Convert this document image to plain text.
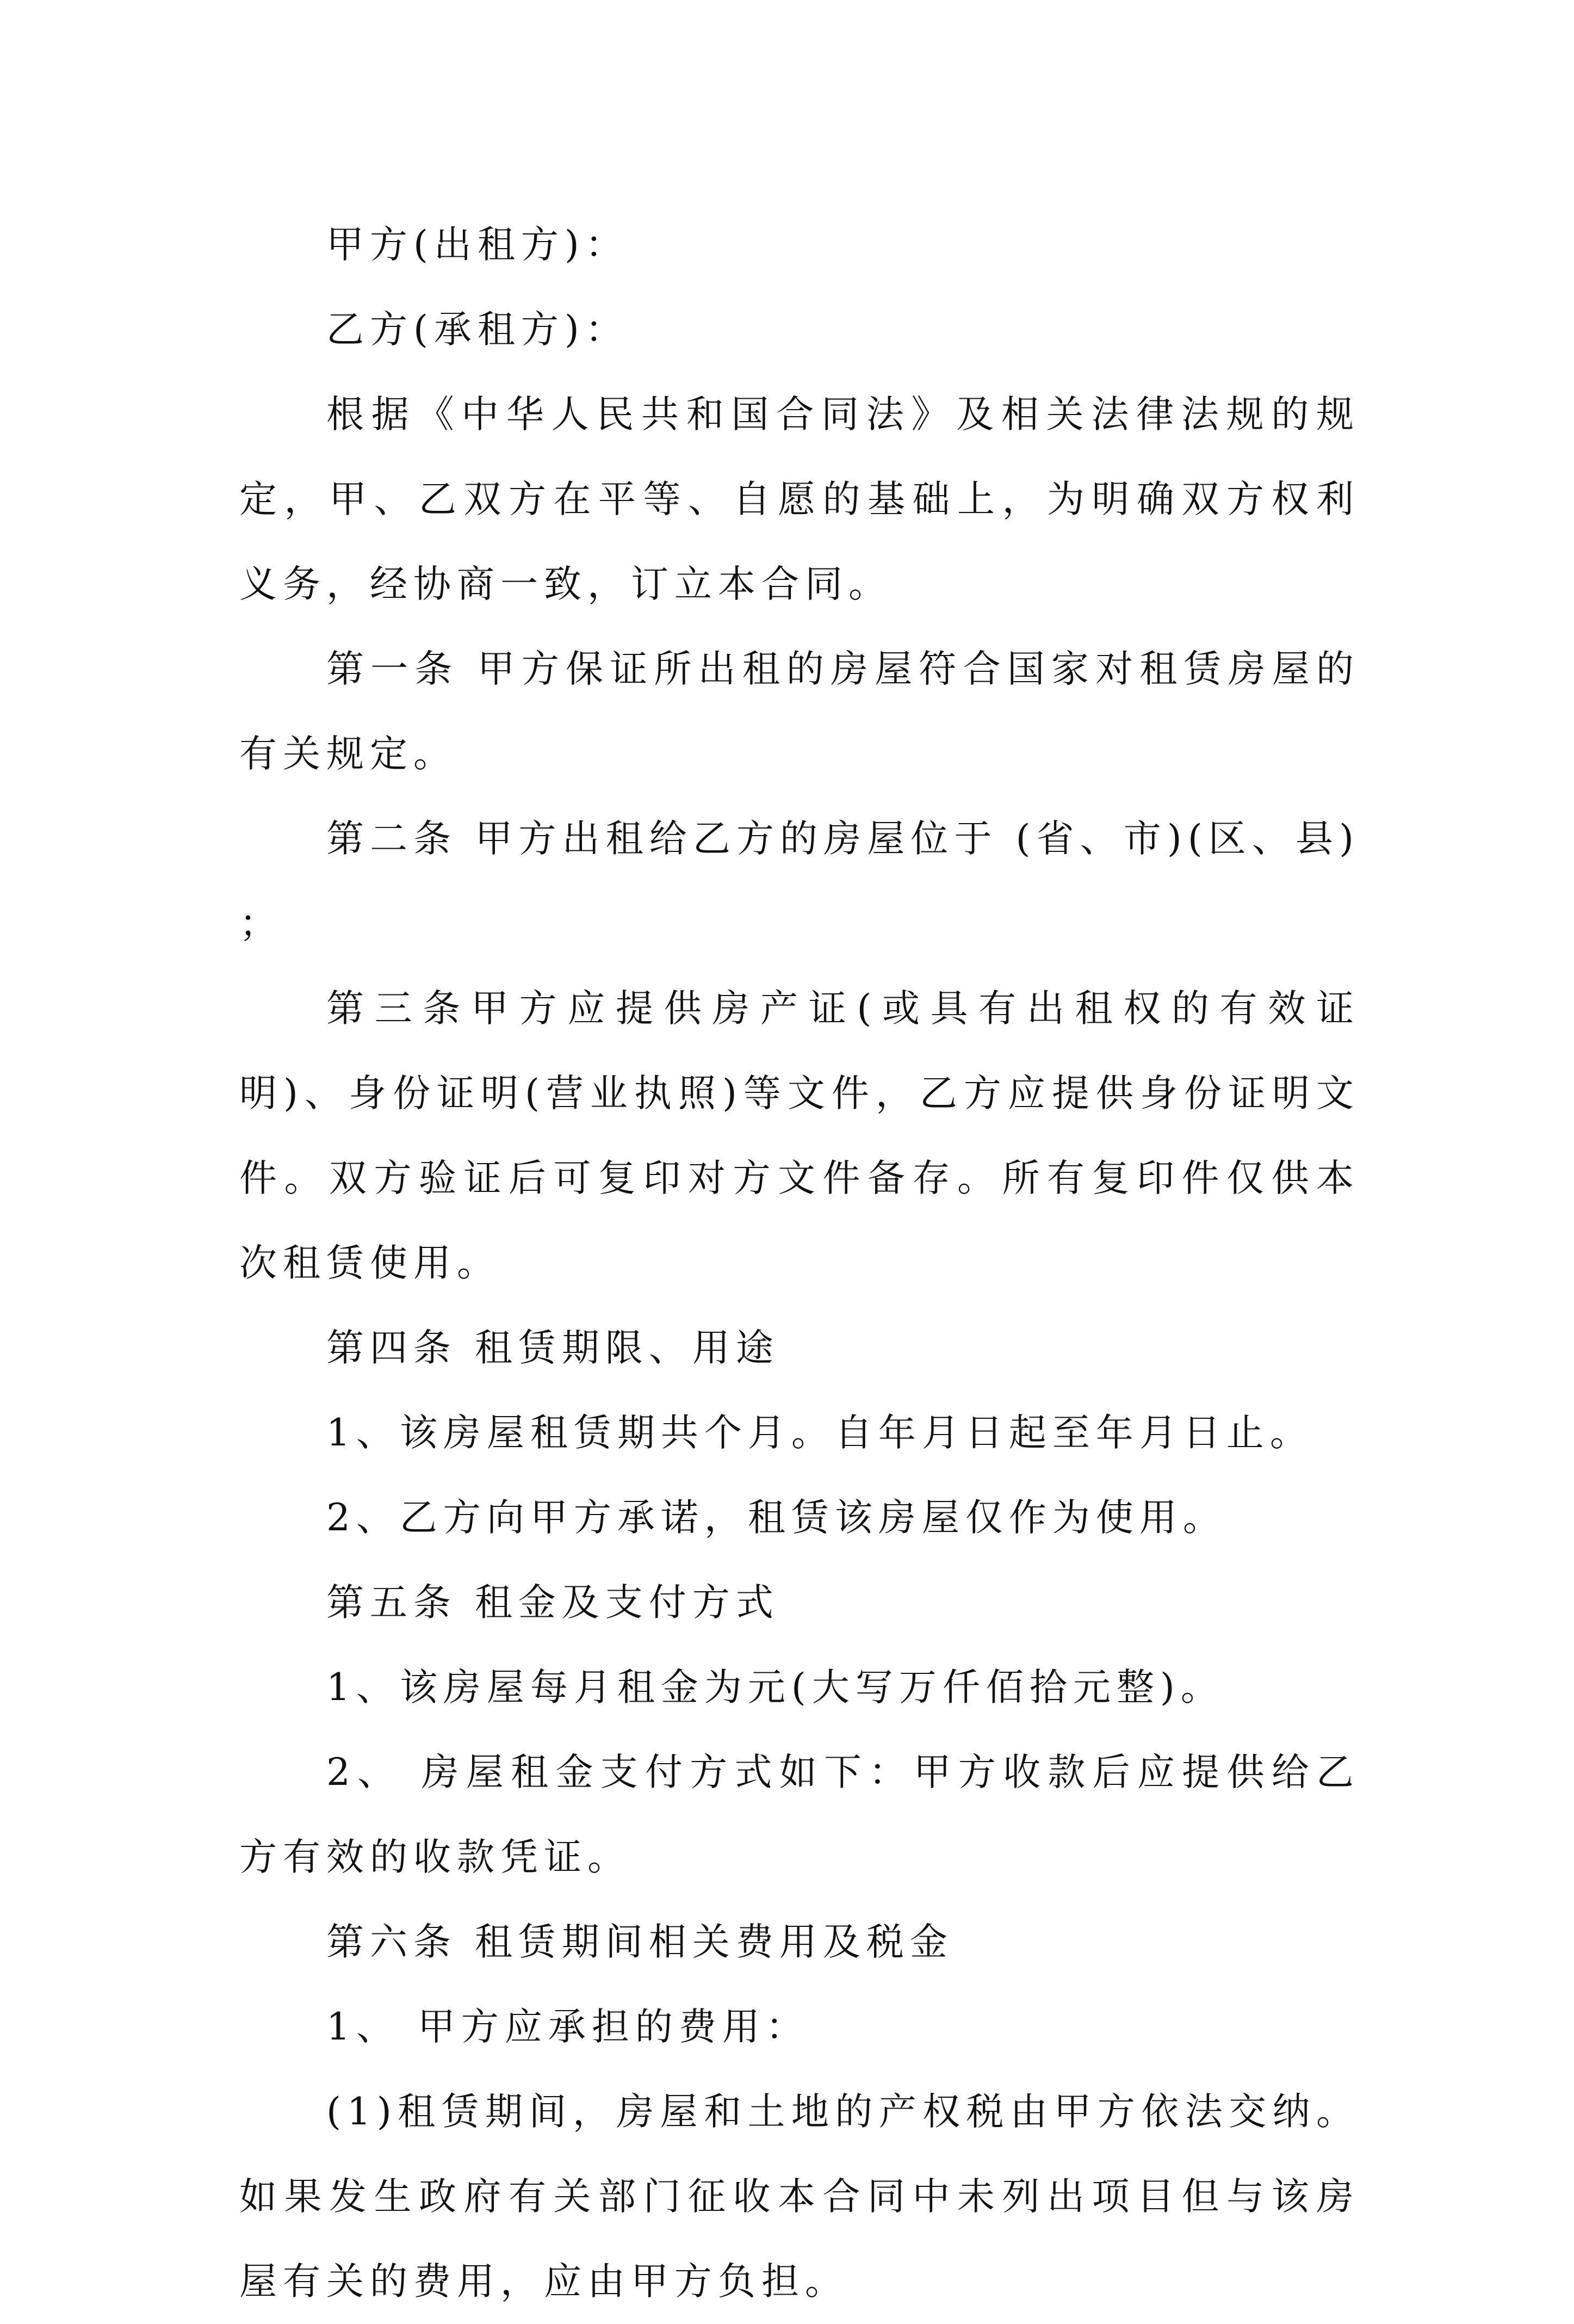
甲方(出租方)：

乙方(承租方)：

根据《中华人民共和国合同法》及相关法律法规的规定，甲、乙双方在平等、自愿的基础上，为明确双方权利义务，经协商一致，订立本合同。

第一条 甲方保证所出租的房屋符合国家对租赁房屋的有关规定。

第二条 甲方出租给乙方的房屋位于 (省、市)(区、县) ；

第三条甲方应提供房产证(或具有出租权的有效证明)、身份证明(营业执照)等文件，乙方应提供身份证明文件。双方验证后可复印对方文件备存。所有复印件仅供本次租赁使用。

第四条 租赁期限、用途

1、该房屋租赁期共个月。自年月日起至年月日止。

2、乙方向甲方承诺，租赁该房屋仅作为使用。

第五条 租金及支付方式

1、该房屋每月租金为元(大写万仟佰拾元整)。

2、 房屋租金支付方式如下：甲方收款后应提供给乙方有效的收款凭证。

第六条 租赁期间相关费用及税金

1、 甲方应承担的费用：

(1)租赁期间，房屋和土地的产权税由甲方依法交纳。如果发生政府有关部门征收本合同中未列出项目但与该房屋有关的费用，应由甲方负担。
